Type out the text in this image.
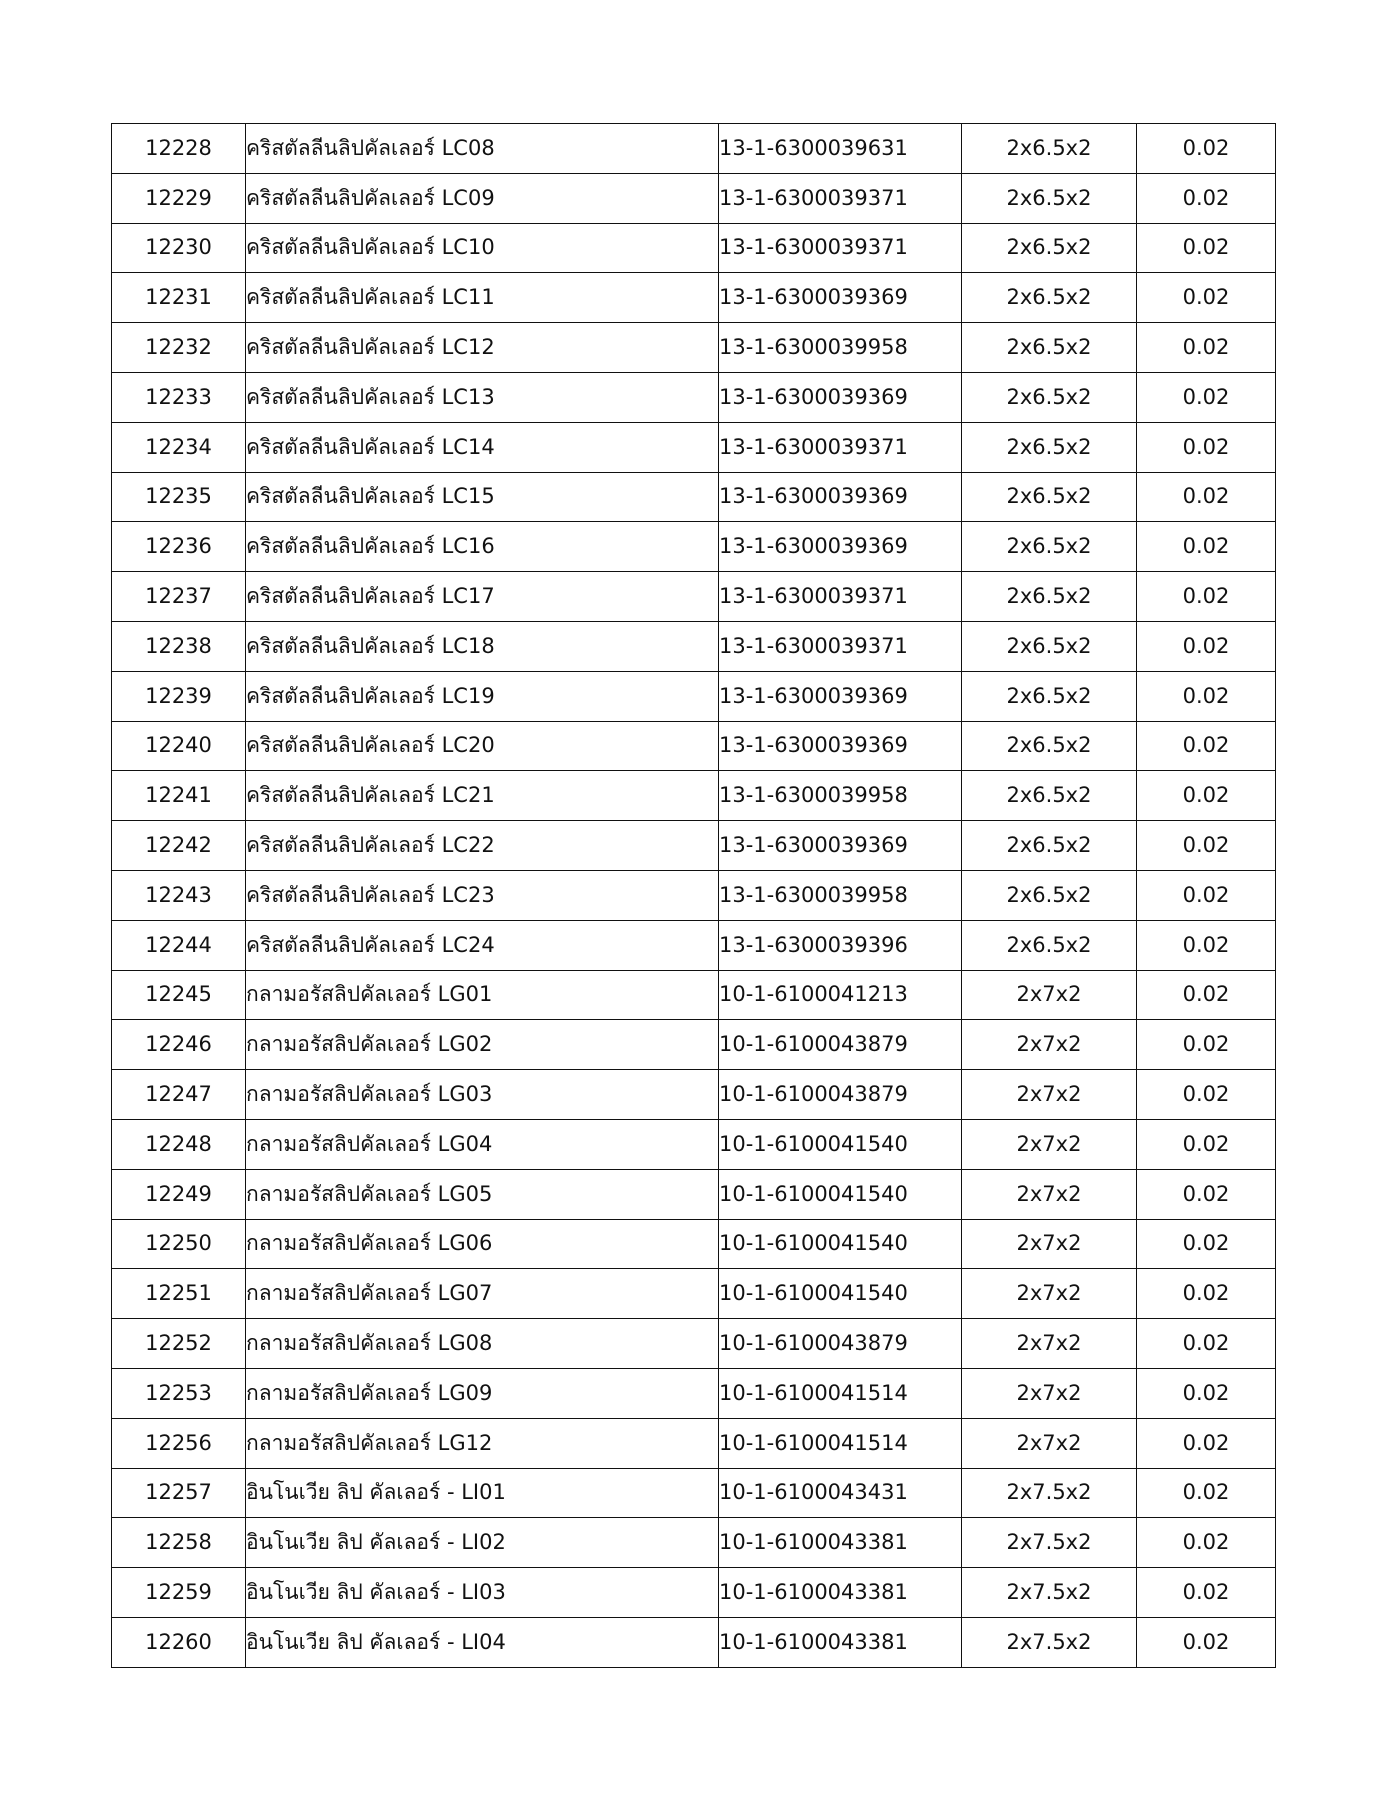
12228	คริสตัลลีนลิปคัลเลอร์ LC08	13-1-6300039631	2x6.5x2	0.02
12229	คริสตัลลีนลิปคัลเลอร์ LC09	13-1-6300039371	2x6.5x2	0.02
12230	คริสตัลลีนลิปคัลเลอร์ LC10	13-1-6300039371	2x6.5x2	0.02
12231	คริสตัลลีนลิปคัลเลอร์ LC11	13-1-6300039369	2x6.5x2	0.02
12232	คริสตัลลีนลิปคัลเลอร์ LC12	13-1-6300039958	2x6.5x2	0.02
12233	คริสตัลลีนลิปคัลเลอร์ LC13	13-1-6300039369	2x6.5x2	0.02
12234	คริสตัลลีนลิปคัลเลอร์ LC14	13-1-6300039371	2x6.5x2	0.02
12235	คริสตัลลีนลิปคัลเลอร์ LC15	13-1-6300039369	2x6.5x2	0.02
12236	คริสตัลลีนลิปคัลเลอร์ LC16	13-1-6300039369	2x6.5x2	0.02
12237	คริสตัลลีนลิปคัลเลอร์ LC17	13-1-6300039371	2x6.5x2	0.02
12238	คริสตัลลีนลิปคัลเลอร์ LC18	13-1-6300039371	2x6.5x2	0.02
12239	คริสตัลลีนลิปคัลเลอร์ LC19	13-1-6300039369	2x6.5x2	0.02
12240	คริสตัลลีนลิปคัลเลอร์ LC20	13-1-6300039369	2x6.5x2	0.02
12241	คริสตัลลีนลิปคัลเลอร์ LC21	13-1-6300039958	2x6.5x2	0.02
12242	คริสตัลลีนลิปคัลเลอร์ LC22	13-1-6300039369	2x6.5x2	0.02
12243	คริสตัลลีนลิปคัลเลอร์ LC23	13-1-6300039958	2x6.5x2	0.02
12244	คริสตัลลีนลิปคัลเลอร์ LC24	13-1-6300039396	2x6.5x2	0.02
12245	กลามอรัสลิปคัลเลอร์ LG01	10-1-6100041213	2x7x2	0.02
12246	กลามอรัสลิปคัลเลอร์ LG02	10-1-6100043879	2x7x2	0.02
12247	กลามอรัสลิปคัลเลอร์ LG03	10-1-6100043879	2x7x2	0.02
12248	กลามอรัสลิปคัลเลอร์ LG04	10-1-6100041540	2x7x2	0.02
12249	กลามอรัสลิปคัลเลอร์ LG05	10-1-6100041540	2x7x2	0.02
12250	กลามอรัสลิปคัลเลอร์ LG06	10-1-6100041540	2x7x2	0.02
12251	กลามอรัสลิปคัลเลอร์ LG07	10-1-6100041540	2x7x2	0.02
12252	กลามอรัสลิปคัลเลอร์ LG08	10-1-6100043879	2x7x2	0.02
12253	กลามอรัสลิปคัลเลอร์ LG09	10-1-6100041514	2x7x2	0.02
12256	กลามอรัสลิปคัลเลอร์ LG12	10-1-6100041514	2x7x2	0.02
12257	อินโนเวีย ลิป คัลเลอร์ - LI01	10-1-6100043431	2x7.5x2	0.02
12258	อินโนเวีย ลิป คัลเลอร์ - LI02	10-1-6100043381	2x7.5x2	0.02
12259	อินโนเวีย ลิป คัลเลอร์ - LI03	10-1-6100043381	2x7.5x2	0.02
12260	อินโนเวีย ลิป คัลเลอร์ - LI04	10-1-6100043381	2x7.5x2	0.02
